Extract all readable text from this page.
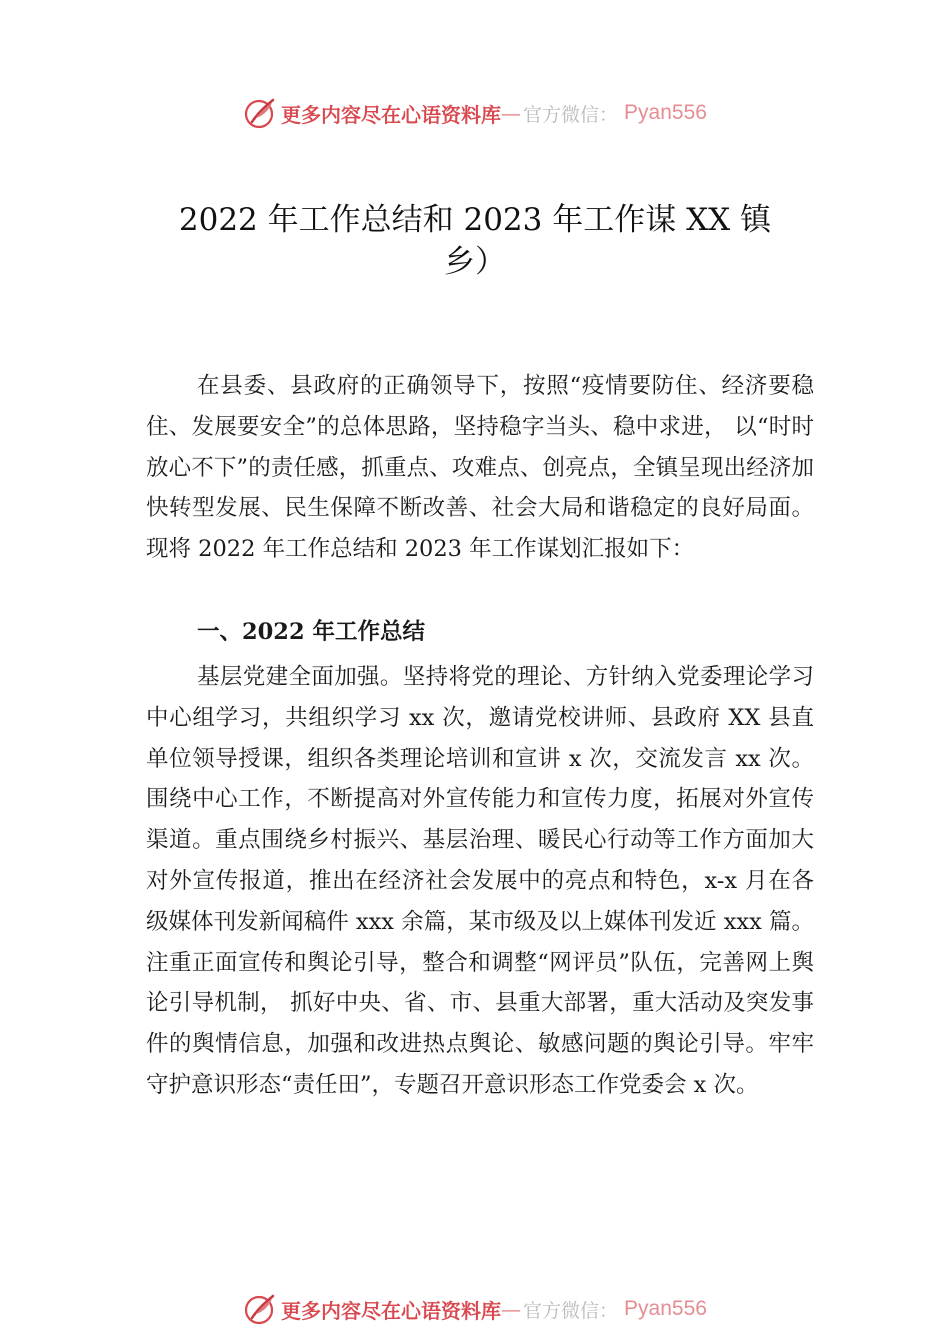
更多内容尽在心语资料库 — 官方微信： Pyan556
2022 年工作总结和 2023 年工作谋 XX 镇
乡）

在县委、县政府的正确领导下，按照“疫情要防住、经济要稳住、发展要安全”的总体思路，坚持稳字当头、稳中求进， 以“时时放心不下”的责任感，抓重点、攻难点、创亮点，全镇呈现出经济加快转型发展、民生保障不断改善、社会大局和谐稳定的良好局面。现将 2022 年工作总结和 2023 年工作谋划汇报如下：

一、2022 年工作总结

基层党建全面加强。坚持将党的理论、方针纳入党委理论学习中心组学习，共组织学习 xx 次，邀请党校讲师、县政府 XX 县直单位领导授课，组织各类理论培训和宣讲 x 次，交流发言 xx 次。围绕中心工作，不断提高对外宣传能力和宣传力度，拓展对外宣传渠道。重点围绕乡村振兴、基层治理、暖民心行动等工作方面加大对外宣传报道，推出在经济社会发展中的亮点和特色，x-x 月在各级媒体刊发新闻稿件 xxx 余篇，某市级及以上媒体刊发近 xxx 篇。注重正面宣传和舆论引导，整合和调整“网评员”队伍，完善网上舆论引导机制， 抓好中央、省、市、县重大部署，重大活动及突发事件的舆情信息，加强和改进热点舆论、敏感问题的舆论引导。牢牢守护意识形态“责任田”，专题召开意识形态工作党委会 x 次。

更多内容尽在心语资料库 — 官方微信： Pyan556
